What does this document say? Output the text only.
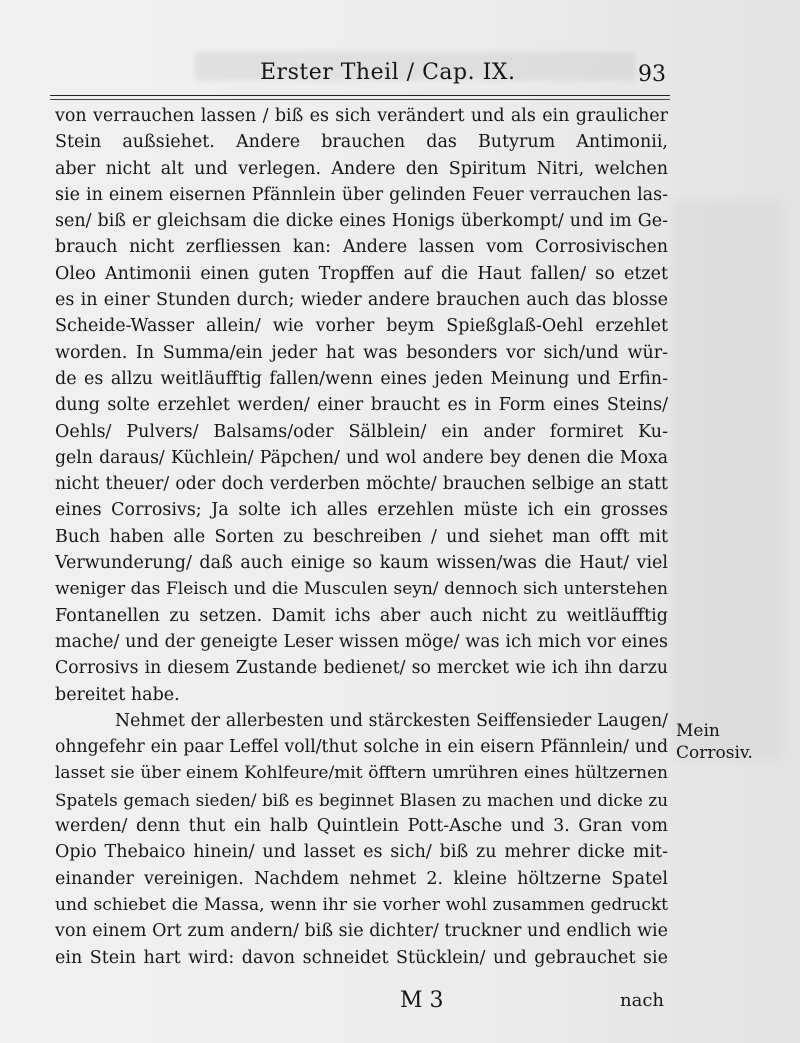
Erster Theil / Cap. IX.	93
von verrauchen lassen / biß es sich verändert und als ein graulicher
Stein außsiehet. Andere brauchen das Butyrum Antimonii,
aber nicht alt und verlegen. Andere den Spiritum Nitri, welchen
sie in einem eisernen Pfännlein über gelinden Feuer verrauchen las-
sen/ biß er gleichsam die dicke eines Honigs überkompt/ und im Ge-
brauch nicht zerfliessen kan: Andere lassen vom Corrosivischen
Oleo Antimonii einen guten Tropffen auf die Haut fallen/ so etzet
es in einer Stunden durch; wieder andere brauchen auch das blosse
Scheide-Wasser allein/ wie vorher beym Spießglaß-Oehl erzehlet
worden. In Summa/ein jeder hat was besonders vor sich/und wür-
de es allzu weitläufftig fallen/wenn eines jeden Meinung und Erfin-
dung solte erzehlet werden/ einer braucht es in Form eines Steins/
Oehls/ Pulvers/ Balsams/oder Sälblein/ ein ander formiret Ku-
geln daraus/ Küchlein/ Päpchen/ und wol andere bey denen die Moxa
nicht theuer/ oder doch verderben möchte/ brauchen selbige an statt
eines Corrosivs; Ja solte ich alles erzehlen müste ich ein grosses
Buch haben alle Sorten zu beschreiben / und siehet man offt mit
Verwunderung/ daß auch einige so kaum wissen/was die Haut/ viel
weniger das Fleisch und die Musculen seyn/ dennoch sich unterstehen
Fontanellen zu setzen. Damit ichs aber auch nicht zu weitläufftig
mache/ und der geneigte Leser wissen möge/ was ich mich vor eines
Corrosivs in diesem Zustande bedienet/ so mercket wie ich ihn darzu
bereitet habe.
Nehmet der allerbesten und stärckesten Seiffensieder Laugen/
ohngefehr ein paar Leffel voll/thut solche in ein eisern Pfännlein/ und
lasset sie über einem Kohlfeure/mit öfftern umrühren eines hültzernen
Spatels gemach sieden/ biß es beginnet Blasen zu machen und dicke zu
werden/ denn thut ein halb Quintlein Pott-Asche und 3. Gran vom
Opio Thebaico hinein/ und lasset es sich/ biß zu mehrer dicke mit-
einander vereinigen. Nachdem nehmet 2. kleine höltzerne Spatel
und schiebet die Massa, wenn ihr sie vorher wohl zusammen gedruckt
von einem Ort zum andern/ biß sie dichter/ truckner und endlich wie
ein Stein hart wird: davon schneidet Stücklein/ und gebrauchet sie
Mein
Corrosiv.
M 3	nach
